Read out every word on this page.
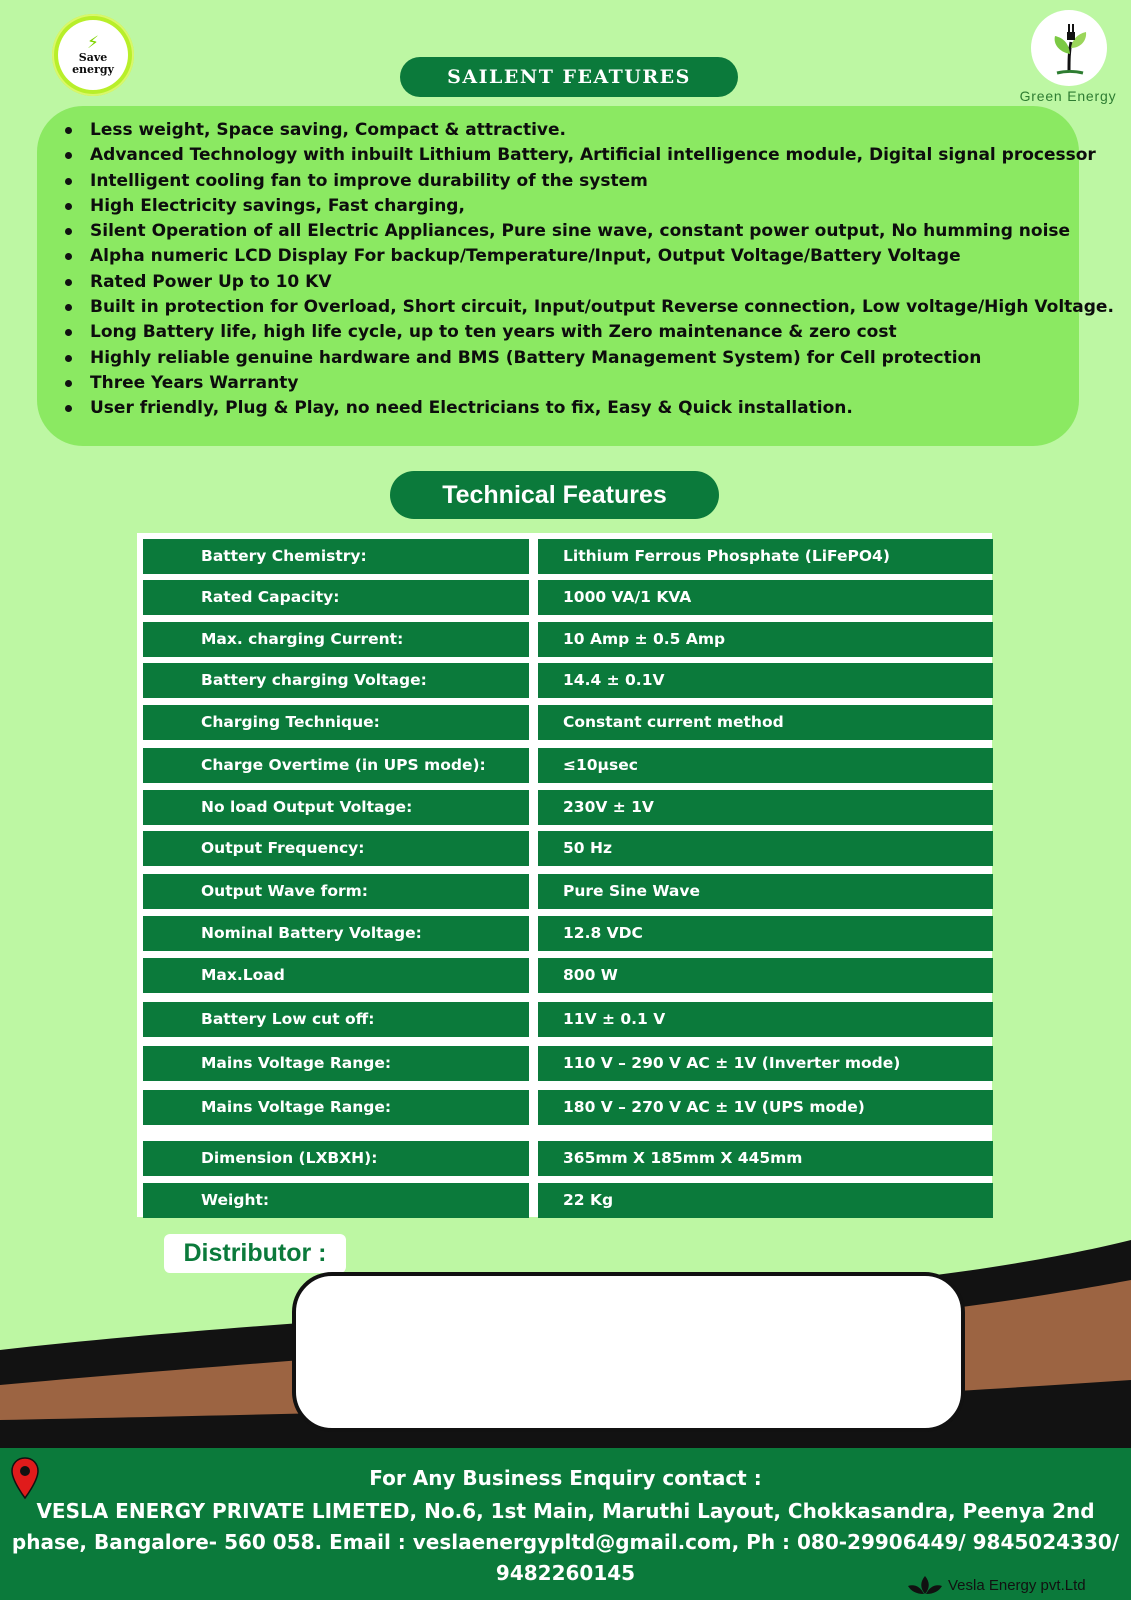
⚡
Save energy
Green Energy
SAILENT FEATURES
Less weight, Space saving, Compact & attractive.
Advanced Technology with inbuilt Lithium Battery, Artificial intelligence module, Digital signal processor
Intelligent cooling fan to improve durability of the system
High Electricity savings, Fast charging,
Silent Operation of all Electric Appliances, Pure sine wave, constant power output, No humming noise
Alpha numeric LCD Display For backup/Temperature/Input, Output Voltage/Battery Voltage
Rated Power Up to 10 KV
Built in protection for Overload, Short circuit, Input/output Reverse connection, Low voltage/High Voltage.
Long Battery life, high life cycle, up to ten years with Zero maintenance & zero cost
Highly reliable genuine hardware and BMS (Battery Management System) for Cell protection
Three Years Warranty
User friendly, Plug & Play, no need Electricians to fix, Easy & Quick installation.
Technical Features
Battery Chemistry:	Lithium Ferrous Phosphate (LiFePO4)
Rated Capacity:	1000 VA/1 KVA
Max. charging Current:	10 Amp ± 0.5 Amp
Battery charging Voltage:	14.4 ± 0.1V
Charging Technique:	Constant current method
Charge Overtime (in UPS mode):	≤10µsec
No load Output Voltage:	230V ± 1V
Output Frequency:	50 Hz
Output Wave form:	Pure Sine Wave
Nominal Battery Voltage:	12.8 VDC
Max.Load	800 W
Battery Low cut off:	11V ± 0.1 V
Mains Voltage Range:	110 V – 290 V AC ± 1V (Inverter mode)
Mains Voltage Range:	180 V – 270 V AC ± 1V (UPS mode)
Dimension (LXBXH):	365mm X 185mm X 445mm
Weight:	22 Kg
Distributor :
For Any Business Enquiry contact :
VESLA ENERGY PRIVATE LIMETED, No.6, 1st Main, Maruthi Layout, Chokkasandra, Peenya 2nd
phase, Bangalore- 560 058. Email : veslaenergypltd@gmail.com, Ph : 080-29906449/ 9845024330/
9482260145	Vesla Energy pvt.Ltd
